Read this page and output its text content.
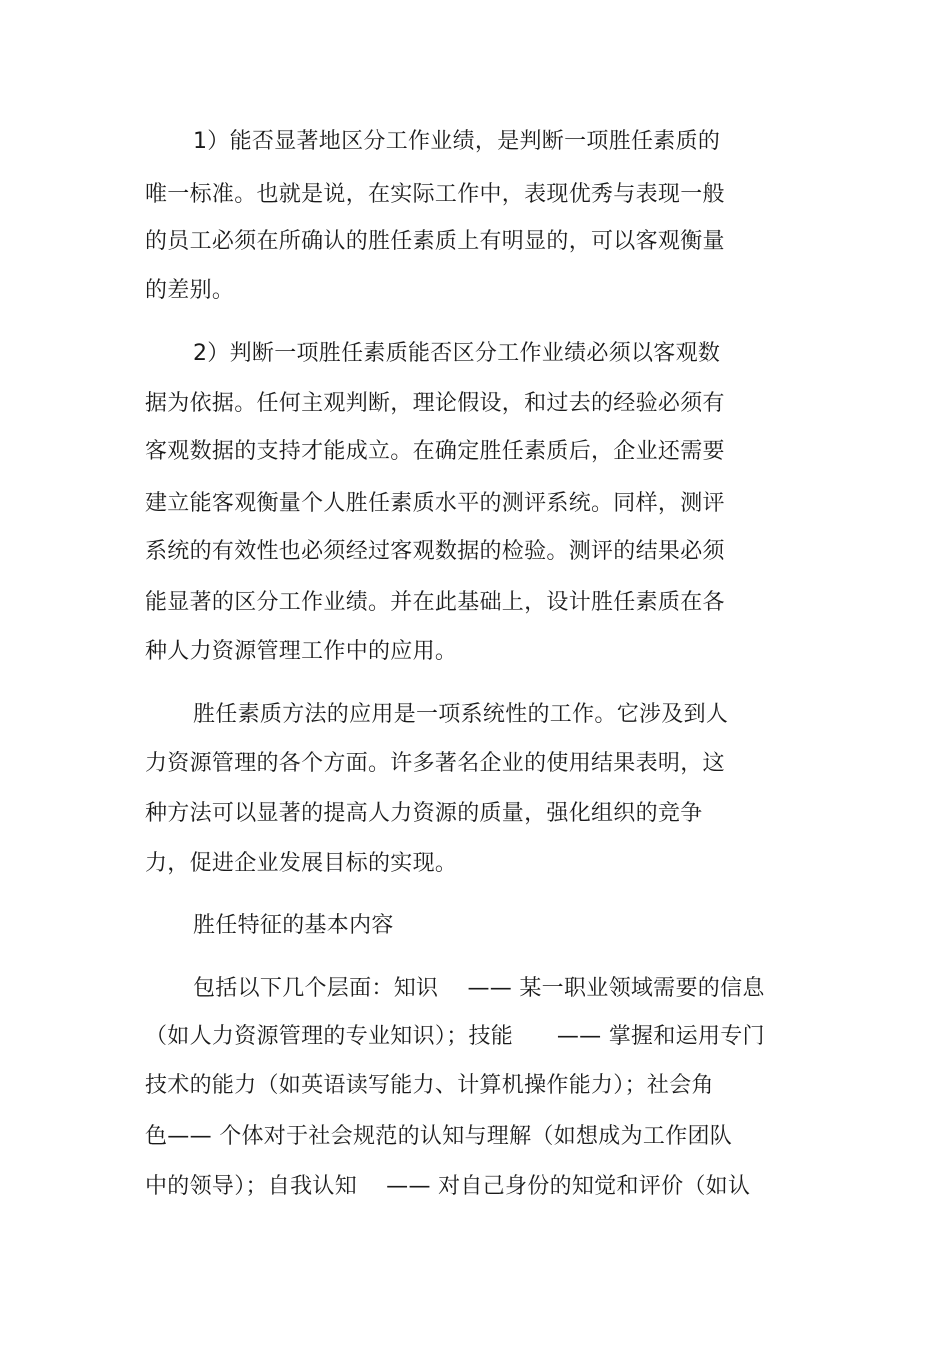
1）能否显著地区分工作业绩，是判断一项胜任素质的
唯一标准。也就是说，在实际工作中，表现优秀与表现一般
的员工必须在所确认的胜任素质上有明显的，可以客观衡量
的差别。
2）判断一项胜任素质能否区分工作业绩必须以客观数
据为依据。任何主观判断，理论假设，和过去的经验必须有
客观数据的支持才能成立。在确定胜任素质后，企业还需要
建立能客观衡量个人胜任素质水平的测评系统。同样，测评
系统的有效性也必须经过客观数据的检验。测评的结果必须
能显著的区分工作业绩。并在此基础上，设计胜任素质在各
种人力资源管理工作中的应用。
胜任素质方法的应用是一项系统性的工作。它涉及到人
力资源管理的各个方面。许多著名企业的使用结果表明，这
种方法可以显著的提高人力资源的质量，强化组织的竞争
力，促进企业发展目标的实现。
胜任特征的基本内容
包括以下几个层面：知识    —— 某一职业领域需要的信息
（如人力资源管理的专业知识）；技能      —— 掌握和运用专门
技术的能力（如英语读写能力、计算机操作能力）；社会角
色—— 个体对于社会规范的认知与理解（如想成为工作团队
中的领导）；自我认知    —— 对自己身份的知觉和评价（如认
